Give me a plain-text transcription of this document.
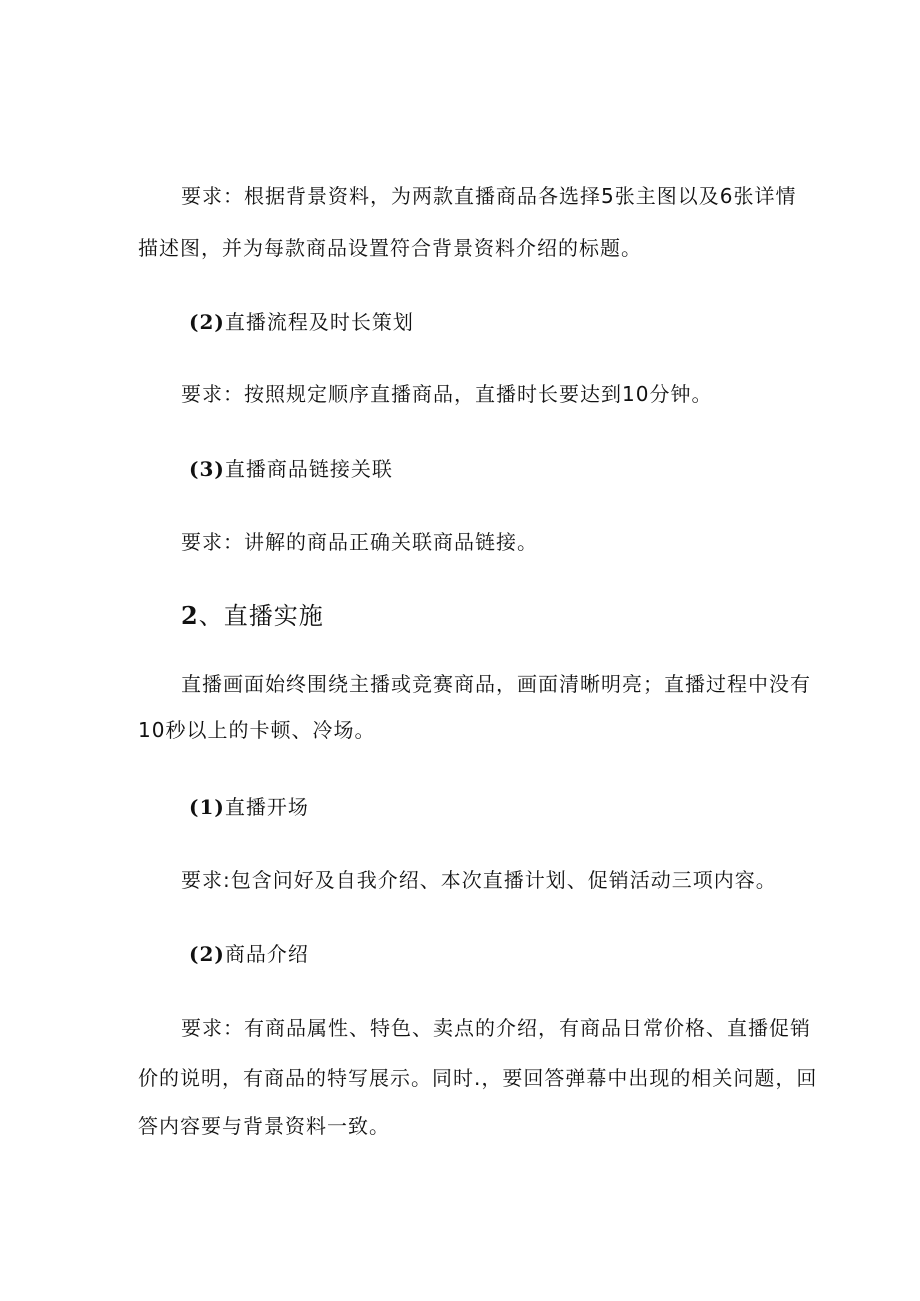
要求：根据背景资料，为两款直播商品各选择5张主图以及6张详情
描述图，并为每款商品设置符合背景资料介绍的标题。
(2)直播流程及时长策划
要求：按照规定顺序直播商品，直播时长要达到10分钟。
(3)直播商品链接关联
要求：讲解的商品正确关联商品链接。
2、直播实施
直播画面始终围绕主播或竞赛商品，画面清晰明亮；直播过程中没有
10秒以上的卡顿、冷场。
(1)直播开场
要求:包含问好及自我介绍、本次直播计划、促销活动三项内容。
(2)商品介绍
要求：有商品属性、特色、卖点的介绍，有商品日常价格、直播促销
价的说明，有商品的特写展示。同时.，要回答弹幕中出现的相关问题，回
答内容要与背景资料一致。
